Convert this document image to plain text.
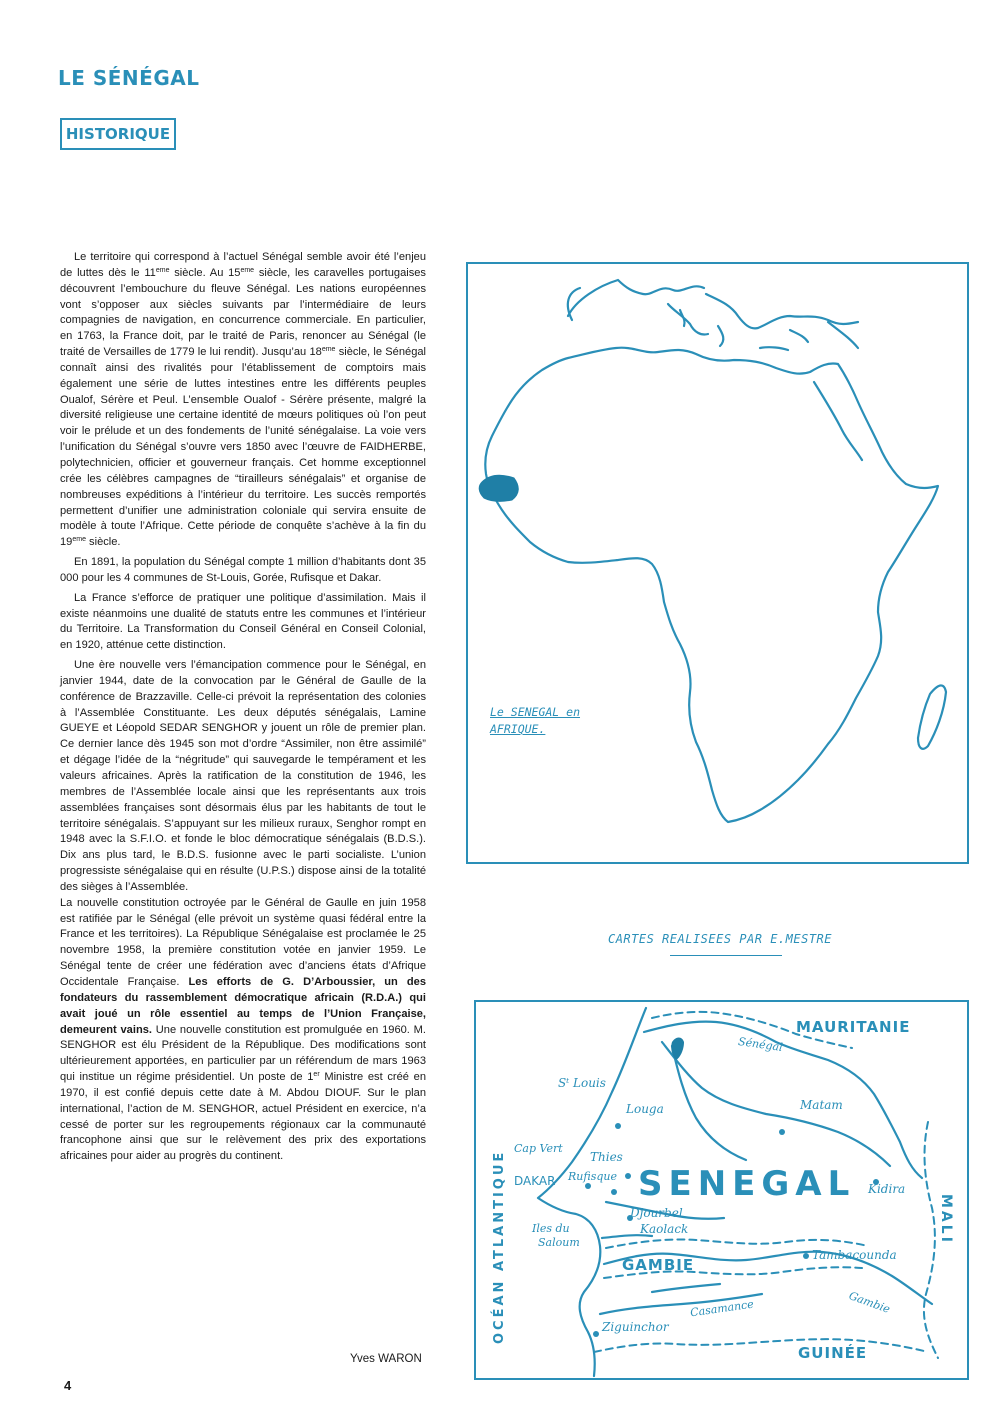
LE SÉNÉGAL
HISTORIQUE

Le territoire qui correspond à l’actuel Sénégal semble avoir été l’enjeu de luttes dès le 11eme siècle. Au 15eme siècle, les caravelles portugaises découvrent l’embouchure du fleuve Sénégal. Les nations européennes vont s’opposer aux siècles suivants par l’intermédiaire de leurs compagnies de navigation, en concurrence commerciale. En particulier, en 1763, la France doit, par le traité de Paris, renoncer au Sénégal (le traité de Versailles de 1779 le lui rendit). Jusqu’au 18eme siècle, le Sénégal connaît ainsi des rivalités pour l’établissement de comptoirs mais également une série de luttes intestines entre les différents peuples Oualof, Sérère et Peul. L’ensemble Oualof - Sérère présente, malgré la diversité religieuse une certaine identité de mœurs politiques où l’on peut voir le prélude et un des fondements de l’unité sénégalaise. La voie vers l’unification du Sénégal s’ouvre vers 1850 avec l’œuvre de FAIDHERBE, polytechnicien, officier et gouverneur français. Cet homme exceptionnel crée les célèbres campagnes de “tirailleurs sénégalais” et organise de nombreuses expéditions à l’intérieur du territoire. Les succès remportés permettent d’unifier une administration coloniale qui servira ensuite de modèle à toute l’Afrique. Cette période de conquête s’achève à la fin du 19eme siècle.

En 1891, la population du Sénégal compte 1 million d’habitants dont 35 000 pour les 4 communes de St-Louis, Gorée, Rufisque et Dakar.

La France s’efforce de pratiquer une politique d’assimilation. Mais il existe néanmoins une dualité de statuts entre les communes et l’intérieur du Territoire. La Transformation du Conseil Général en Conseil Colonial, en 1920, atténue cette distinction.

Une ère nouvelle vers l’émancipation commence pour le Sénégal, en janvier 1944, date de la convocation par le Général de Gaulle de la conférence de Brazzaville. Celle-ci prévoit la représentation des colonies à l’Assemblée Constituante. Les deux députés sénégalais, Lamine GUEYE et Léopold SEDAR SENGHOR y jouent un rôle de premier plan. Ce dernier lance dès 1945 son mot d’ordre “Assimiler, non être assimilé” et dégage l’idée de la “négritude” qui sauvegarde le tempérament et les valeurs africaines. Après la ratification de la constitution de 1946, les membres de l’Assemblée locale ainsi que les représentants aux trois assemblées françaises sont désormais élus par les habitants de tout le territoire sénégalais. S’appuyant sur les milieux ruraux, Senghor rompt en 1948 avec la S.F.I.O. et fonde le bloc démocratique sénégalais (B.D.S.). Dix ans plus tard, le B.D.S. fusionne avec le parti socialiste. L’union progressiste sénégalaise qui en résulte (U.P.S.) dispose ainsi de la totalité des sièges à l’Assemblée.

La nouvelle constitution octroyée par le Général de Gaulle en juin 1958 est ratifiée par le Sénégal (elle prévoit un système quasi fédéral entre la France et les territoires). La République Sénégalaise est proclamée le 25 novembre 1958, la première constitution votée en janvier 1959. Le Sénégal tente de créer une fédération avec d’anciens états d’Afrique Occidentale Française. Les efforts de G. D’Arboussier, un des fondateurs du rassemblement démocratique africain (R.D.A.) qui avait joué un rôle essentiel au temps de l’Union Française, demeurent vains. Une nouvelle constitution est promulguée en 1960. M. SENGHOR est élu Président de la République. Des modifications sont ultérieurement apportées, en particulier par un référendum de mars 1963 qui institue un régime présidentiel. Un poste de 1er Ministre est créé en 1970, il est confié depuis cette date à M. Abdou DIOUF. Sur le plan international, l’action de M. SENGHOR, actuel Président en exercice, n’a cessé de porter sur les regroupements régionaux car la communauté francophone ainsi que sur le relèvement des prix des exportations africaines pour aider au progrès du continent.

Yves WARON
4
Le SENEGAL en
AFRIQUE.
CARTES REALISEES PAR E.MESTRE
MAURITANIE
Sénégal
Sᵗ Louis
Louga	Matam
Cap Vert
Thies
DAKAR Rufisque SENEGAL Kidira
Djourbel
Kaolack
Iles du
Saloum
Tambacounda
GAMBIE
Ziguinchor
Casamance	Gambie
GUINÉE
OCÉAN ATLANTIQUE	MALI
